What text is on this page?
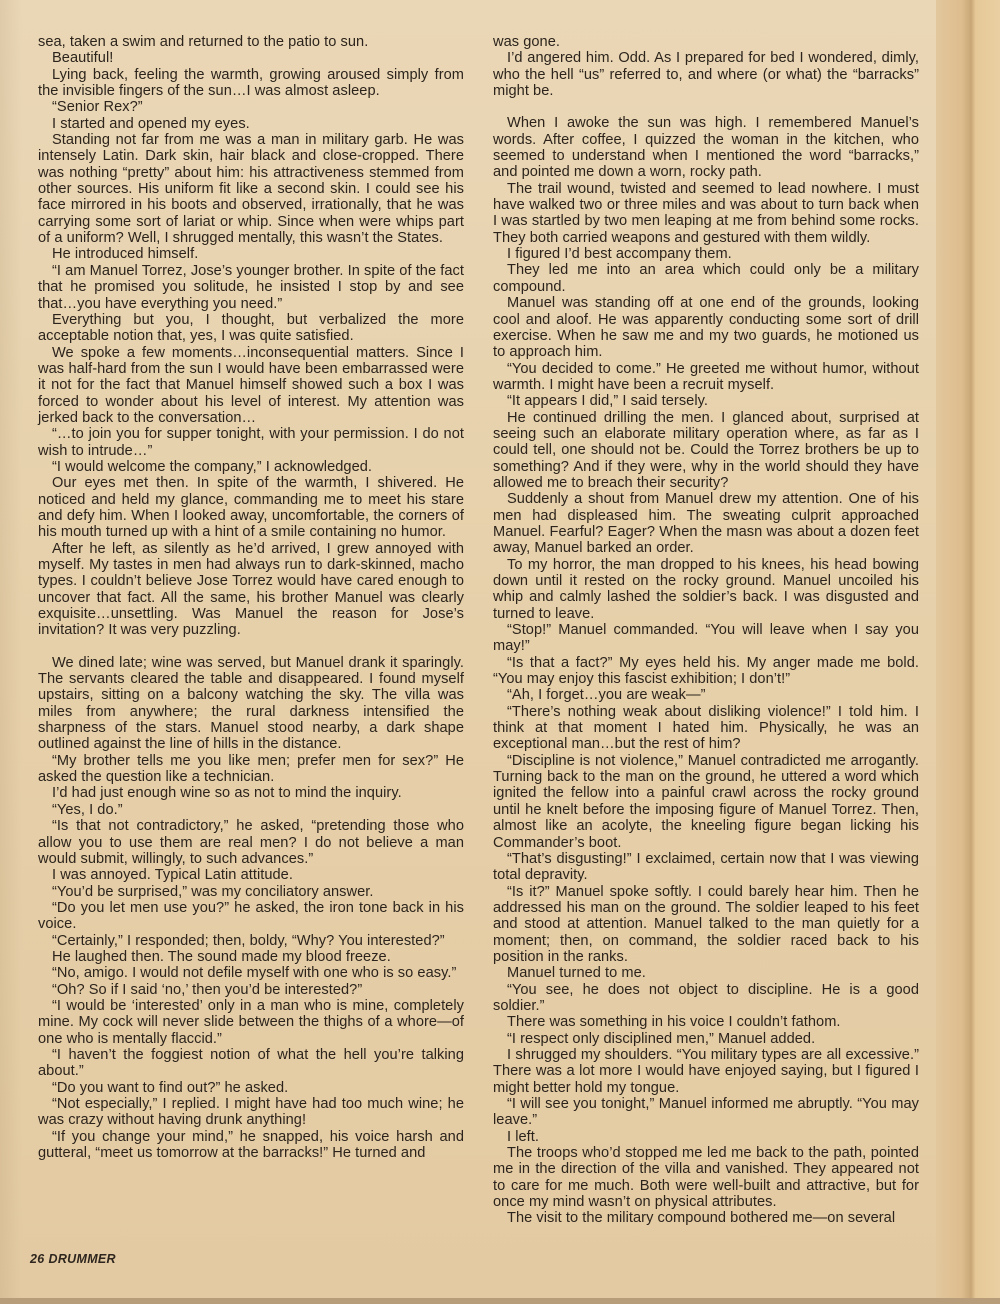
sea, taken a swim and returned to the patio to sun.

Beautiful!

Lying back, feeling the warmth, growing aroused simply from the invisible fingers of the sun…I was almost asleep.

“Senior Rex?”

I started and opened my eyes.

Standing not far from me was a man in military garb. He was intensely Latin. Dark skin, hair black and close-cropped. There was nothing “pretty” about him: his attractiveness stemmed from other sources. His uniform fit like a second skin. I could see his face mirrored in his boots and observed, irrationally, that he was carrying some sort of lariat or whip. Since when were whips part of a uniform? Well, I shrugged mentally, this wasn’t the States.

He introduced himself.

“I am Manuel Torrez, Jose’s younger brother. In spite of the fact that he promised you solitude, he insisted I stop by and see that…you have everything you need.”

Everything but you, I thought, but verbalized the more acceptable notion that, yes, I was quite satisfied.

We spoke a few moments…inconsequential matters. Since I was half-hard from the sun I would have been embarrassed were it not for the fact that Manuel himself showed such a box I was forced to wonder about his level of interest. My attention was jerked back to the conversation…

“…to join you for supper tonight, with your permission. I do not wish to intrude…”

“I would welcome the company,” I acknowledged.

Our eyes met then. In spite of the warmth, I shivered. He noticed and held my glance, commanding me to meet his stare and defy him. When I looked away, uncomfortable, the corners of his mouth turned up with a hint of a smile containing no humor.

After he left, as silently as he’d arrived, I grew annoyed with myself. My tastes in men had always run to dark-skinned, macho types. I couldn’t believe Jose Torrez would have cared enough to uncover that fact. All the same, his brother Manuel was clearly exquisite…unsettling. Was Manuel the reason for Jose’s invitation? It was very puzzling.

We dined late; wine was served, but Manuel drank it sparingly. The servants cleared the table and disappeared. I found myself upstairs, sitting on a balcony watching the sky. The villa was miles from anywhere; the rural darkness intensified the sharpness of the stars. Manuel stood nearby, a dark shape outlined against the line of hills in the distance.

“My brother tells me you like men; prefer men for sex?” He asked the question like a technician.

I’d had just enough wine so as not to mind the inquiry.

“Yes, I do.”

“Is that not contradictory,” he asked, “pretending those who allow you to use them are real men? I do not believe a man would submit, willingly, to such advances.”

I was annoyed. Typical Latin attitude.

“You’d be surprised,” was my conciliatory answer.

“Do you let men use you?” he asked, the iron tone back in his voice.

“Certainly,” I responded; then, boldy, “Why? You interested?”

He laughed then. The sound made my blood freeze.

“No, amigo. I would not defile myself with one who is so easy.”

“Oh? So if I said ‘no,’ then you’d be interested?”

“I would be ‘interested’ only in a man who is mine, completely mine. My cock will never slide between the thighs of a whore—of one who is mentally flaccid.”

“I haven’t the foggiest notion of what the hell you’re talking about.”

“Do you want to find out?” he asked.

“Not especially,” I replied. I might have had too much wine; he was crazy without having drunk anything!

“If you change your mind,” he snapped, his voice harsh and gutteral, “meet us tomorrow at the barracks!” He turned and

was gone.

I’d angered him. Odd. As I prepared for bed I wondered, dimly, who the hell “us” referred to, and where (or what) the “barracks” might be.

When I awoke the sun was high. I remembered Manuel’s words. After coffee, I quizzed the woman in the kitchen, who seemed to understand when I mentioned the word “barracks,” and pointed me down a worn, rocky path.

The trail wound, twisted and seemed to lead nowhere. I must have walked two or three miles and was about to turn back when I was startled by two men leaping at me from behind some rocks. They both carried weapons and gestured with them wildly.

I figured I’d best accompany them.

They led me into an area which could only be a military compound.

Manuel was standing off at one end of the grounds, looking cool and aloof. He was apparently conducting some sort of drill exercise. When he saw me and my two guards, he motioned us to approach him.

“You decided to come.” He greeted me without humor, without warmth. I might have been a recruit myself.

“It appears I did,” I said tersely.

He continued drilling the men. I glanced about, surprised at seeing such an elaborate military operation where, as far as I could tell, one should not be. Could the Torrez brothers be up to something? And if they were, why in the world should they have allowed me to breach their security?

Suddenly a shout from Manuel drew my attention. One of his men had displeased him. The sweating culprit approached Manuel. Fearful? Eager? When the masn was about a dozen feet away, Manuel barked an order.

To my horror, the man dropped to his knees, his head bowing down until it rested on the rocky ground. Manuel uncoiled his whip and calmly lashed the soldier’s back. I was disgusted and turned to leave.

“Stop!” Manuel commanded. “You will leave when I say you may!”

“Is that a fact?” My eyes held his. My anger made me bold. “You may enjoy this fascist exhibition; I don’t!”

“Ah, I forget…you are weak—”

“There’s nothing weak about disliking violence!” I told him. I think at that moment I hated him. Physically, he was an exceptional man…but the rest of him?

“Discipline is not violence,” Manuel contradicted me arrogantly. Turning back to the man on the ground, he uttered a word which ignited the fellow into a painful crawl across the rocky ground until he knelt before the imposing figure of Manuel Torrez. Then, almost like an acolyte, the kneeling figure began licking his Commander’s boot.

“That’s disgusting!” I exclaimed, certain now that I was viewing total depravity.

“Is it?” Manuel spoke softly. I could barely hear him. Then he addressed his man on the ground. The soldier leaped to his feet and stood at attention. Manuel talked to the man quietly for a moment; then, on command, the soldier raced back to his position in the ranks.

Manuel turned to me.

“You see, he does not object to discipline. He is a good soldier.”

There was something in his voice I couldn’t fathom.

“I respect only disciplined men,” Manuel added.

I shrugged my shoulders. “You military types are all excessive.” There was a lot more I would have enjoyed saying, but I figured I might better hold my tongue.

“I will see you tonight,” Manuel informed me abruptly. “You may leave.”

I left.

The troops who’d stopped me led me back to the path, pointed me in the direction of the villa and vanished. They appeared not to care for me much. Both were well-built and attractive, but for once my mind wasn’t on physical attributes.

The visit to the military compound bothered me—on several

26 DRUMMER
